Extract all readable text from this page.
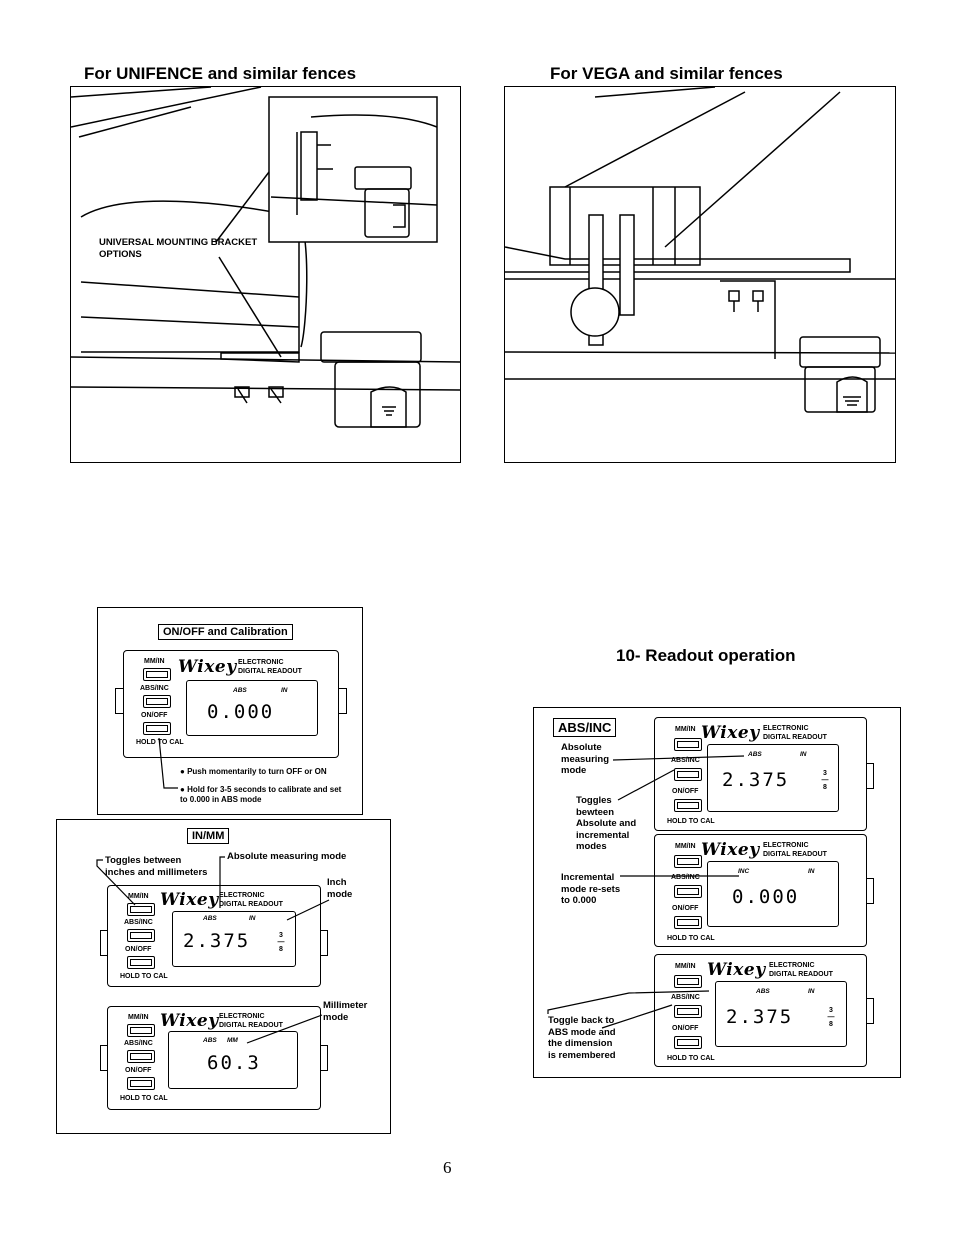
For UNIFENCE and similar fences	For VEGA and similar fences
UNIVERSAL MOUNTING BRACKET
OPTIONS
ON/OFF and Calibration
MM/IN
ABS/INC
ON/OFF
HOLD TO CAL
Wixey ELECTRONIC
DIGITAL READOUT
ABS	IN
0.000
● Push momentarily to turn OFF or ON
● Hold for 3-5 seconds to calibrate and set
to 0.000 in ABS mode
IN/MM
Toggles between
inches and millimeters
Absolute measuring mode
Inch
mode
Millimeter
mode
MM/IN
ABS/INC
ON/OFF
HOLD TO CAL
Wixey ELECTRONIC
DIGITAL READOUT
ABS	IN
2.375	3
—
8
MM/IN
ABS/INC
ON/OFF
HOLD TO CAL
Wixey ELECTRONIC
DIGITAL READOUT
ABS MM
60.3
10- Readout operation
ABS/INC
Absolute
measuring
mode
Toggles
bewteen
Absolute and
incremental
modes
Incremental
mode re-sets
to 0.000
Toggle back to
ABS mode and
the dimension
is remembered
MM/IN
ABS/INC
ON/OFF
HOLD TO CAL
Wixey ELECTRONIC
DIGITAL READOUT
ABS	IN
2.375	3
—
8
MM/IN
ABS/INC
ON/OFF
HOLD TO CAL
Wixey ELECTRONIC
DIGITAL READOUT
INC	IN
0.000
MM/IN
ABS/INC
ON/OFF
HOLD TO CAL
Wixey ELECTRONIC
DIGITAL READOUT
ABS	IN
2.375	3
—
8
6
